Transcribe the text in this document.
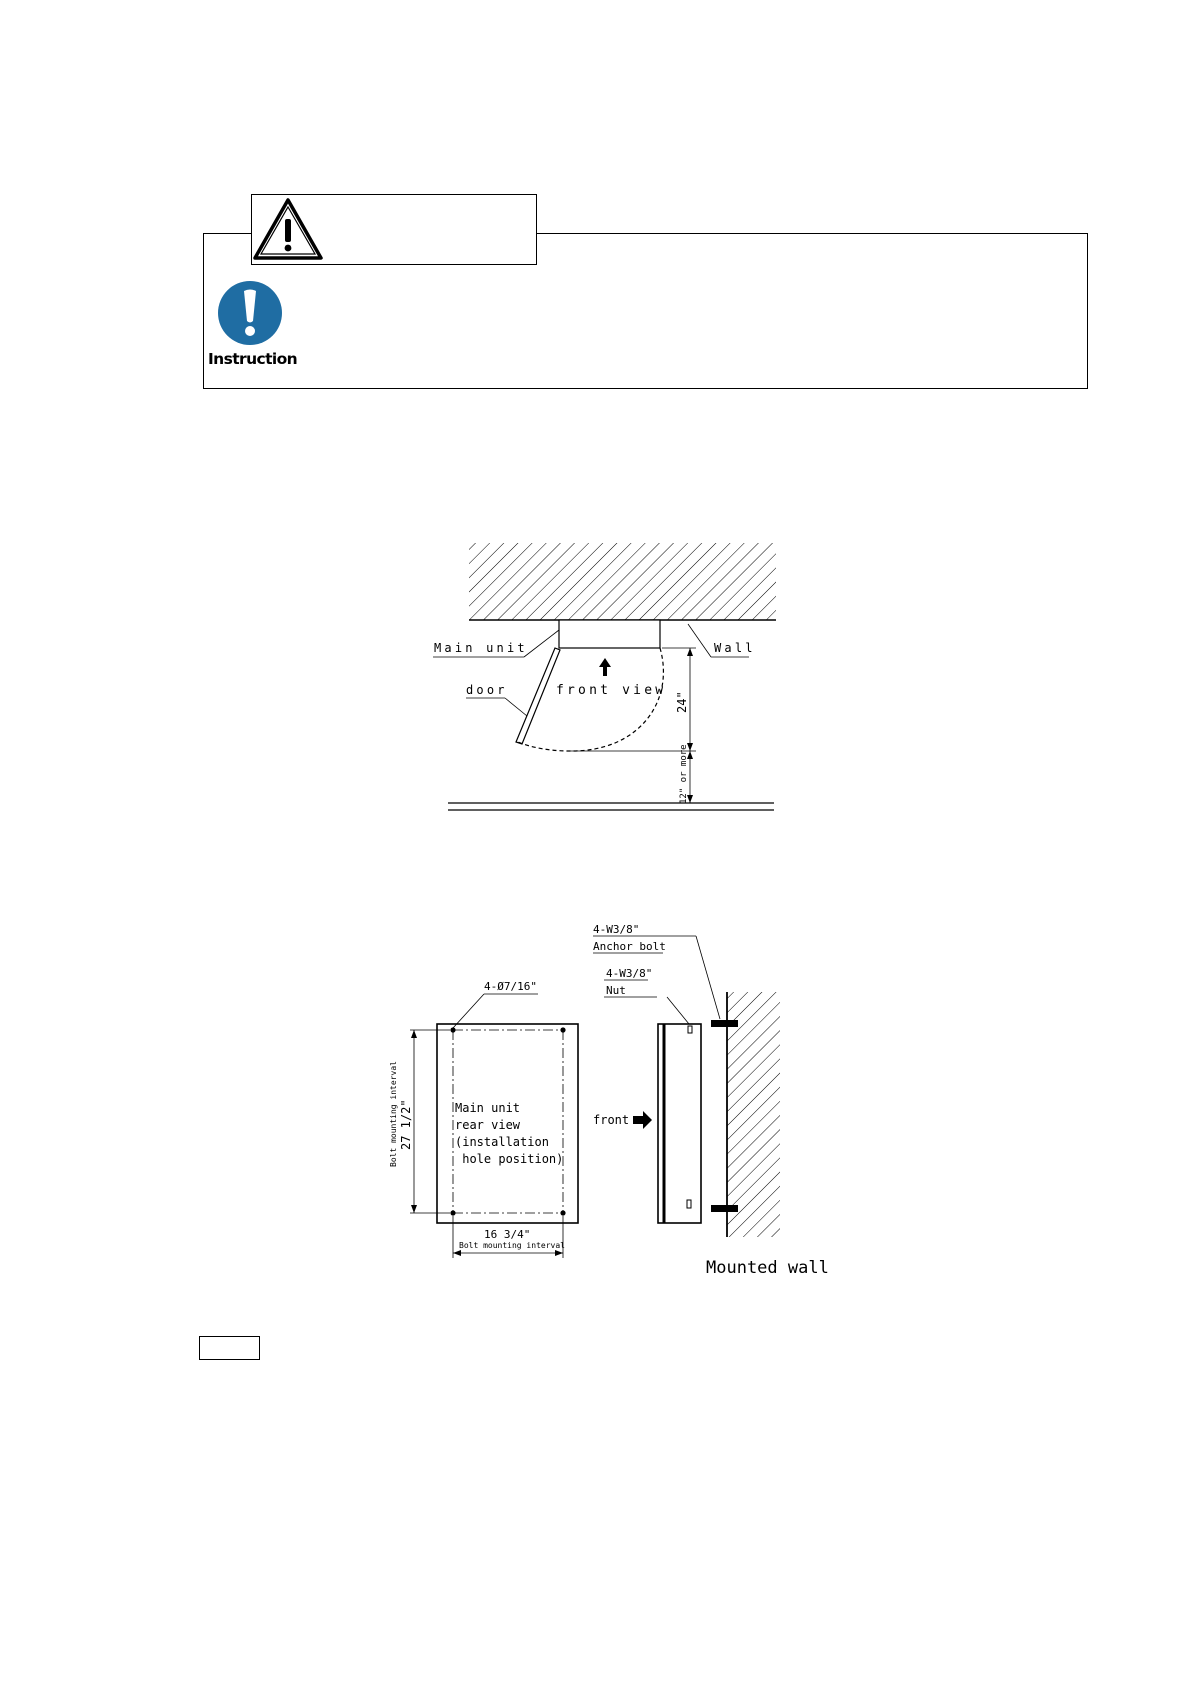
Instruction
Main unit	Wall
door	front view
24"
12" or more
4-W3/8"
Anchor bolt
4-W3/8"
Nut
4-Ø7/16"
Main unit
rear view
(installation
hole position)
Bolt mounting interval 27 1/2"
16 3/4"
Bolt mounting interval
front
Mounted wall
